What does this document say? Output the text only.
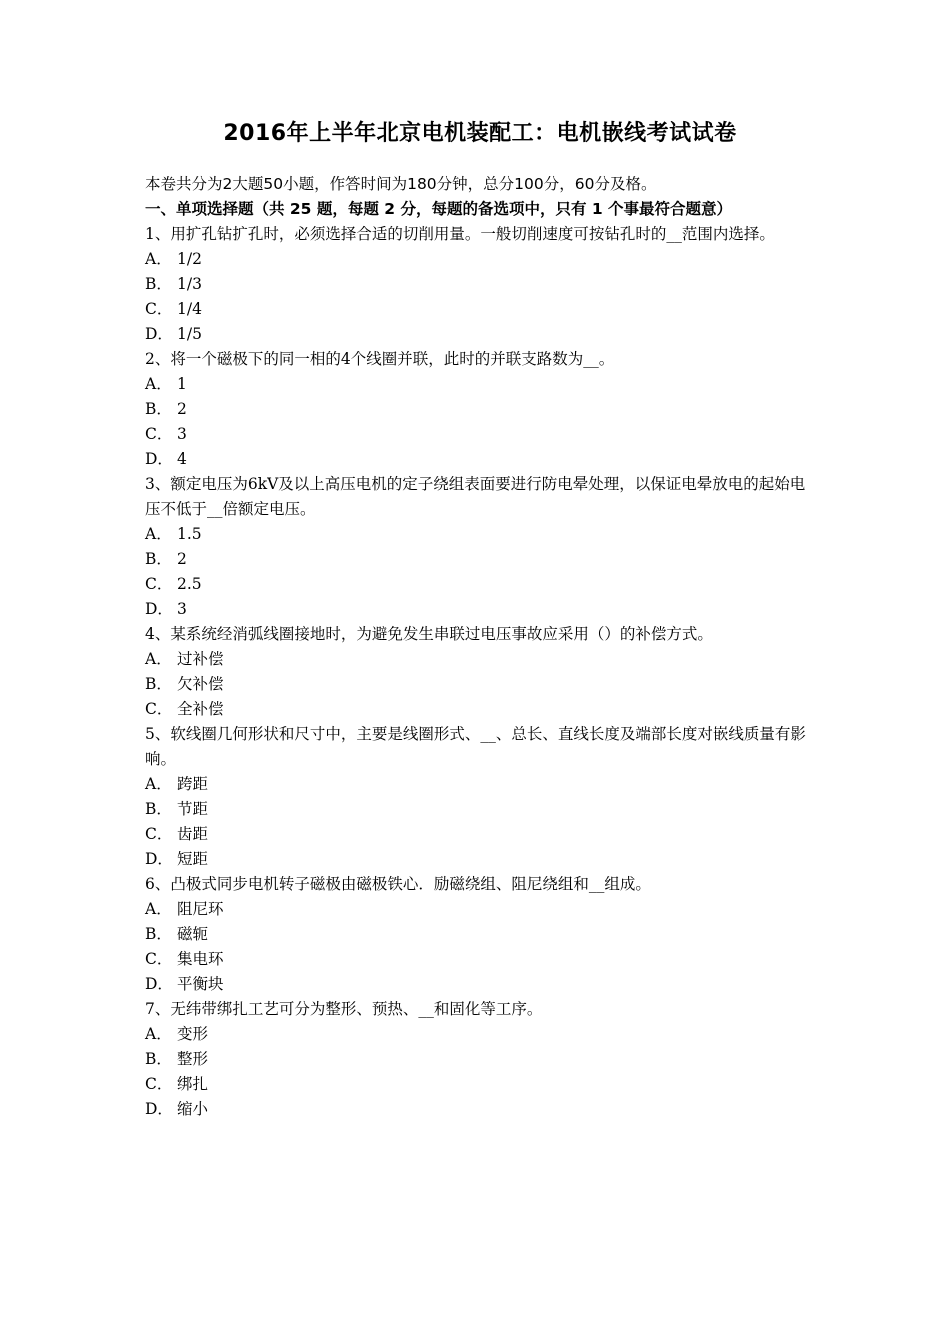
2016年上半年北京电机装配工：电机嵌线考试试卷

本卷共分为2大题50小题，作答时间为180分钟，总分100分，60分及格。

一、单项选择题（共 25 题，每题 2 分，每题的备选项中，只有 1 个事最符合题意）

1、用扩孔钻扩孔时，必须选择合适的切削用量。一般切削速度可按钻孔时的__范围内选择。

A． 1/2

B． 1/3

C． 1/4

D． 1/5

2、将一个磁极下的同一相的4个线圈并联，此时的并联支路数为__。

A． 1

B． 2

C． 3

D． 4

3、额定电压为6kV及以上高压电机的定子绕组表面要进行防电晕处理，以保证电晕放电的起始电压不低于__倍额定电压。

A． 1.5

B． 2

C． 2.5

D． 3

4、某系统经消弧线圈接地时，为避免发生串联过电压事故应采用（）的补偿方式。

A． 过补偿

B． 欠补偿

C． 全补偿

5、软线圈几何形状和尺寸中，主要是线圈形式、__、总长、直线长度及端部长度对嵌线质量有影响。

A． 跨距

B． 节距

C． 齿距

D． 短距

6、凸极式同步电机转子磁极由磁极铁心．励磁绕组、阻尼绕组和__组成。

A． 阻尼环

B． 磁轭

C． 集电环

D． 平衡块

7、无纬带绑扎工艺可分为整形、预热、__和固化等工序。

A． 变形

B． 整形

C． 绑扎

D． 缩小
